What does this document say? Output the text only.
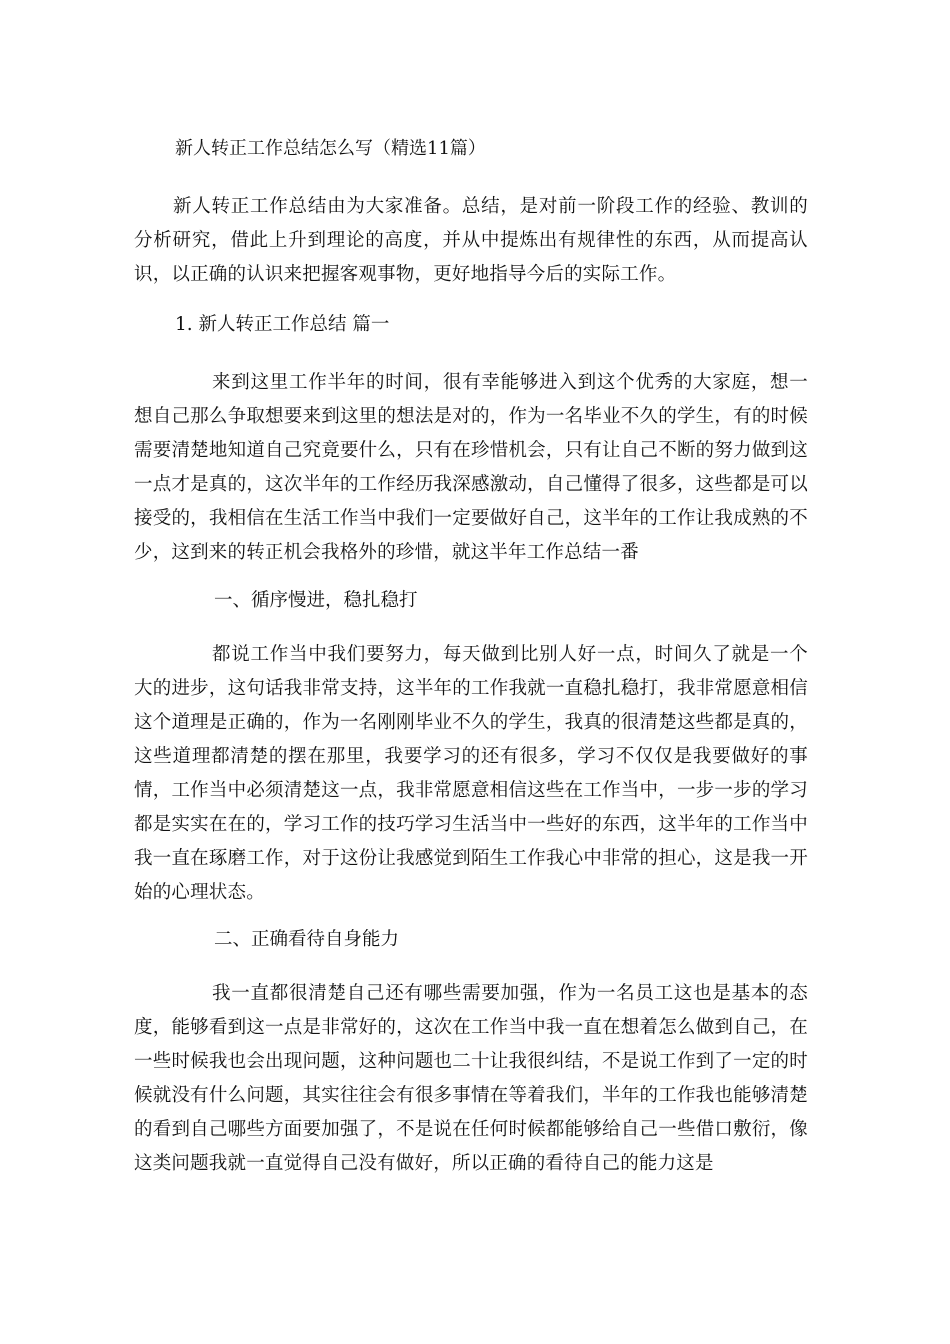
新人转正工作总结怎么写（精选11篇）

新人转正工作总结由为大家准备。总结，是对前一阶段工作的经验、教训的分析研究，借此上升到理论的高度，并从中提炼出有规律性的东西，从而提高认识，以正确的认识来把握客观事物，更好地指导今后的实际工作。

1. 新人转正工作总结 篇一

来到这里工作半年的时间，很有幸能够进入到这个优秀的大家庭，想一想自己那么争取想要来到这里的想法是对的，作为一名毕业不久的学生，有的时候需要清楚地知道自己究竟要什么，只有在珍惜机会，只有让自己不断的努力做到这一点才是真的，这次半年的工作经历我深感激动，自己懂得了很多，这些都是可以接受的，我相信在生活工作当中我们一定要做好自己，这半年的工作让我成熟的不少，这到来的转正机会我格外的珍惜，就这半年工作总结一番

一、循序慢进，稳扎稳打

都说工作当中我们要努力，每天做到比别人好一点，时间久了就是一个大的进步，这句话我非常支持，这半年的工作我就一直稳扎稳打，我非常愿意相信这个道理是正确的，作为一名刚刚毕业不久的学生，我真的很清楚这些都是真的，这些道理都清楚的摆在那里，我要学习的还有很多，学习不仅仅是我要做好的事情，工作当中必须清楚这一点，我非常愿意相信这些在工作当中，一步一步的学习都是实实在在的，学习工作的技巧学习生活当中一些好的东西，这半年的工作当中我一直在琢磨工作，对于这份让我感觉到陌生工作我心中非常的担心，这是我一开始的心理状态。

二、正确看待自身能力

我一直都很清楚自己还有哪些需要加强，作为一名员工这也是基本的态度，能够看到这一点是非常好的，这次在工作当中我一直在想着怎么做到自己，在一些时候我也会出现问题，这种问题也二十让我很纠结，不是说工作到了一定的时候就没有什么问题，其实往往会有很多事情在等着我们，半年的工作我也能够清楚的看到自己哪些方面要加强了，不是说在任何时候都能够给自己一些借口敷衍，像这类问题我就一直觉得自己没有做好，所以正确的看待自己的能力这是
